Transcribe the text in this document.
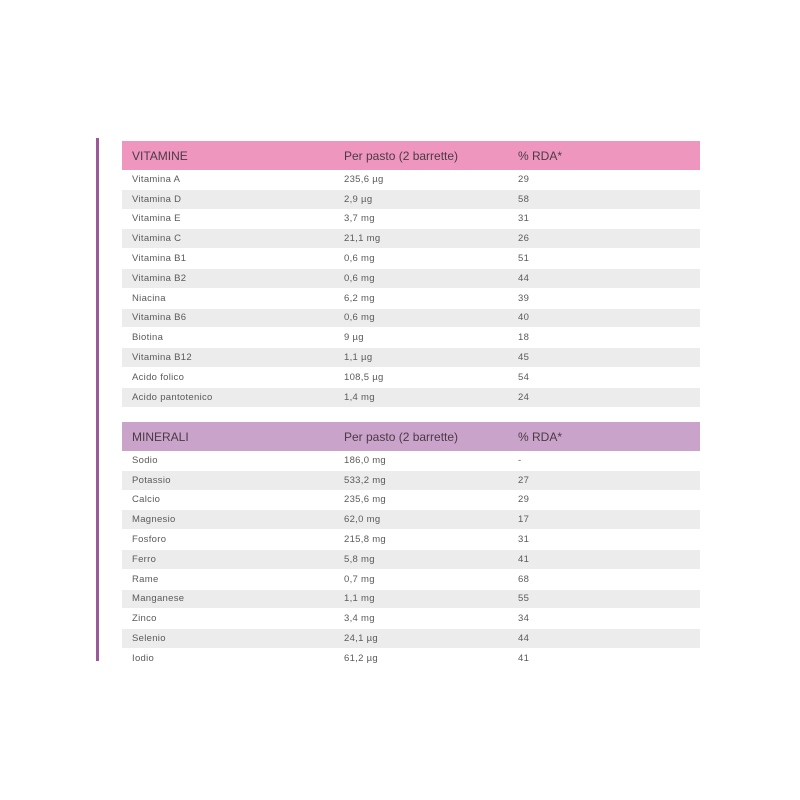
VITAMINE	Per pasto (2 barrette)	% RDA*
Vitamina A	235,6 µg	29
Vitamina D	2,9 µg	58
Vitamina E	3,7 mg	31
Vitamina C	21,1 mg	26
Vitamina B1	0,6 mg	51
Vitamina B2	0,6 mg	44
Niacina	6,2 mg	39
Vitamina B6	0,6 mg	40
Biotina	9 µg	18
Vitamina B12	1,1 µg	45
Acido folico	108,5 µg	54
Acido pantotenico	1,4 mg	24
MINERALI	Per pasto (2 barrette)	% RDA*
Sodio	186,0 mg	-
Potassio	533,2 mg	27
Calcio	235,6 mg	29
Magnesio	62,0 mg	17
Fosforo	215,8 mg	31
Ferro	5,8 mg	41
Rame	0,7 mg	68
Manganese	1,1 mg	55
Zinco	3,4 mg	34
Selenio	24,1 µg	44
Iodio	61,2 µg	41
